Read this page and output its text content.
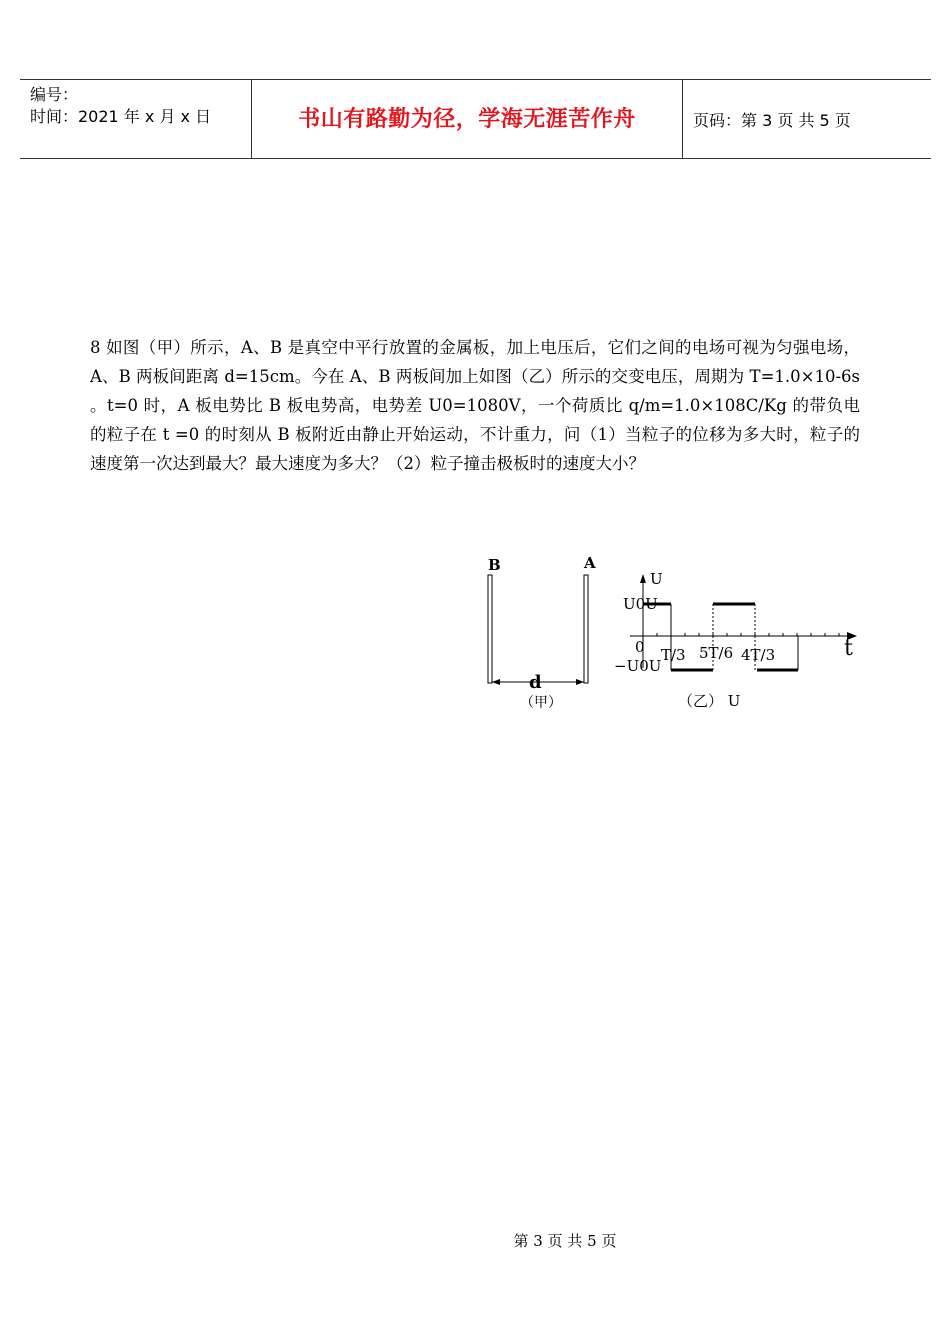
编号：
时间：2021 年 x 月 x 日	书山有路勤为径，学海无涯苦作舟	页码：第 3 页 共 5 页
8 如图（甲）所示，A、B 是真空中平行放置的金属板，加上电压后，它们之间的电场可视为匀强电场，A、B 两板间距离 d=15cm。今在 A、B 两板间加上如图（乙）所示的交变电压，周期为 T=1.0×10-6s 。t=0 时，A 板电势比 B 板电势高，电势差 U0=1080V，一个荷质比 q/m=1.0×108C/Kg 的带负电的粒子在 t =0 的时刻从 B 板附近由静止开始运动，不计重力，问（1）当粒子的位移为多大时，粒子的速度第一次达到最大？最大速度为多大？（2）粒子撞击极板时的速度大小？
B	A
d
（甲）
U
U0U
−U0U
0 T/3 5T/6 4T/3	t
（乙） U
第 3 页 共 5 页
